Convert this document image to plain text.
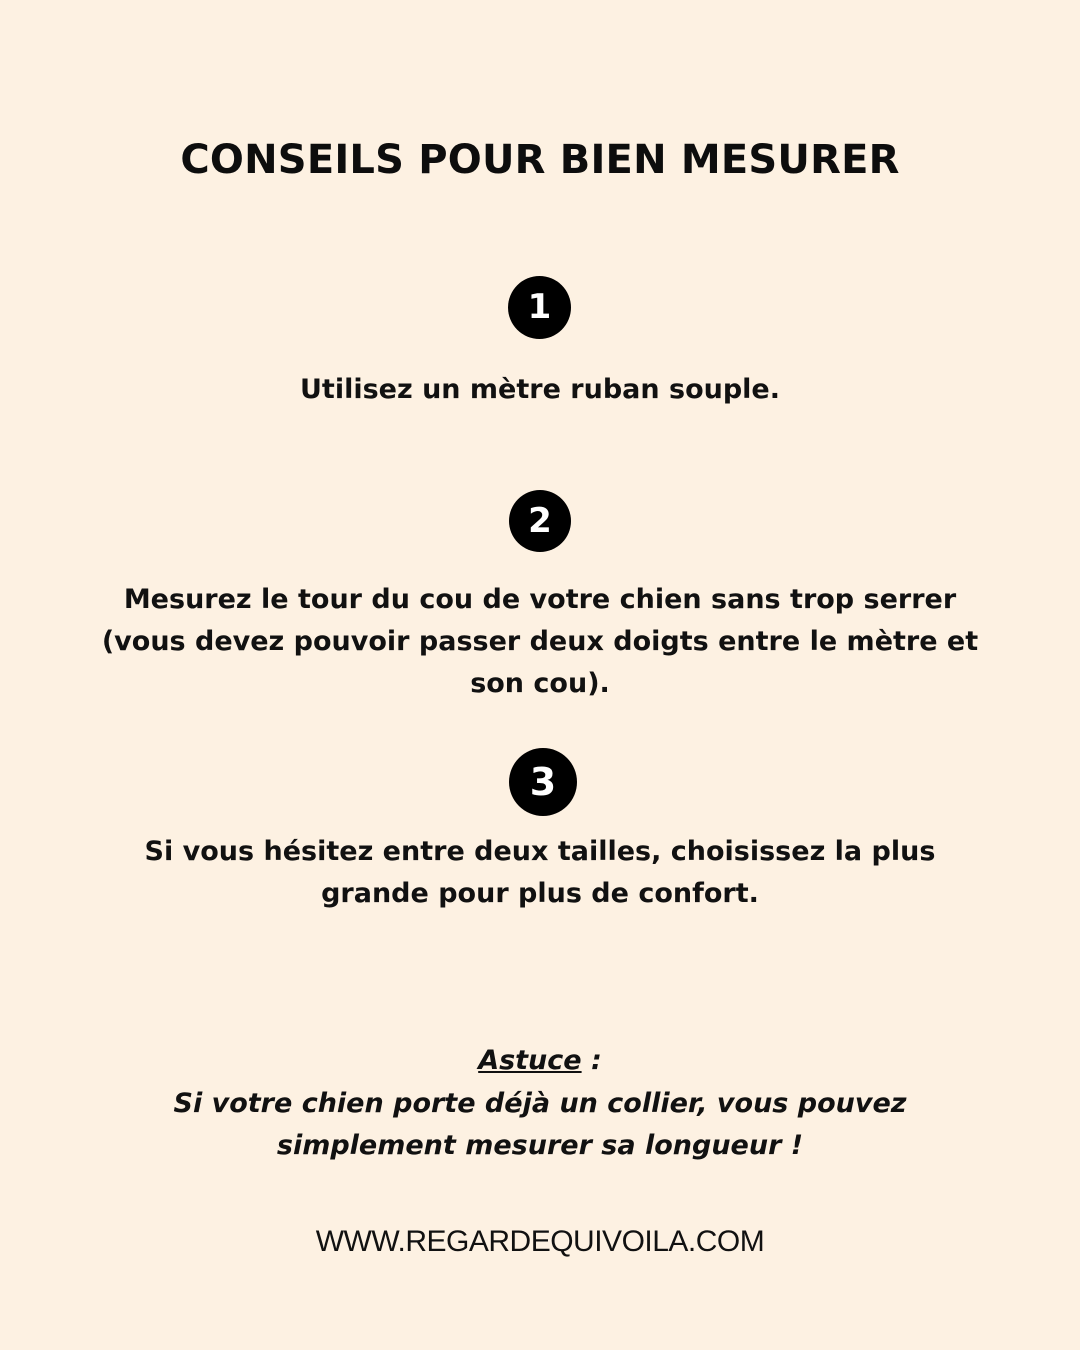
CONSEILS POUR BIEN MESURER
1
Utilisez un mètre ruban souple.
2
Mesurez le tour du cou de votre chien sans trop serrer (vous devez pouvoir passer deux doigts entre le mètre et son cou).
3
Si vous hésitez entre deux tailles, choisissez la plus grande pour plus de confort.
Astuce :
Si votre chien porte déjà un collier, vous pouvez simplement mesurer sa longueur !
WWW.REGARDEQUIVOILA.COM
